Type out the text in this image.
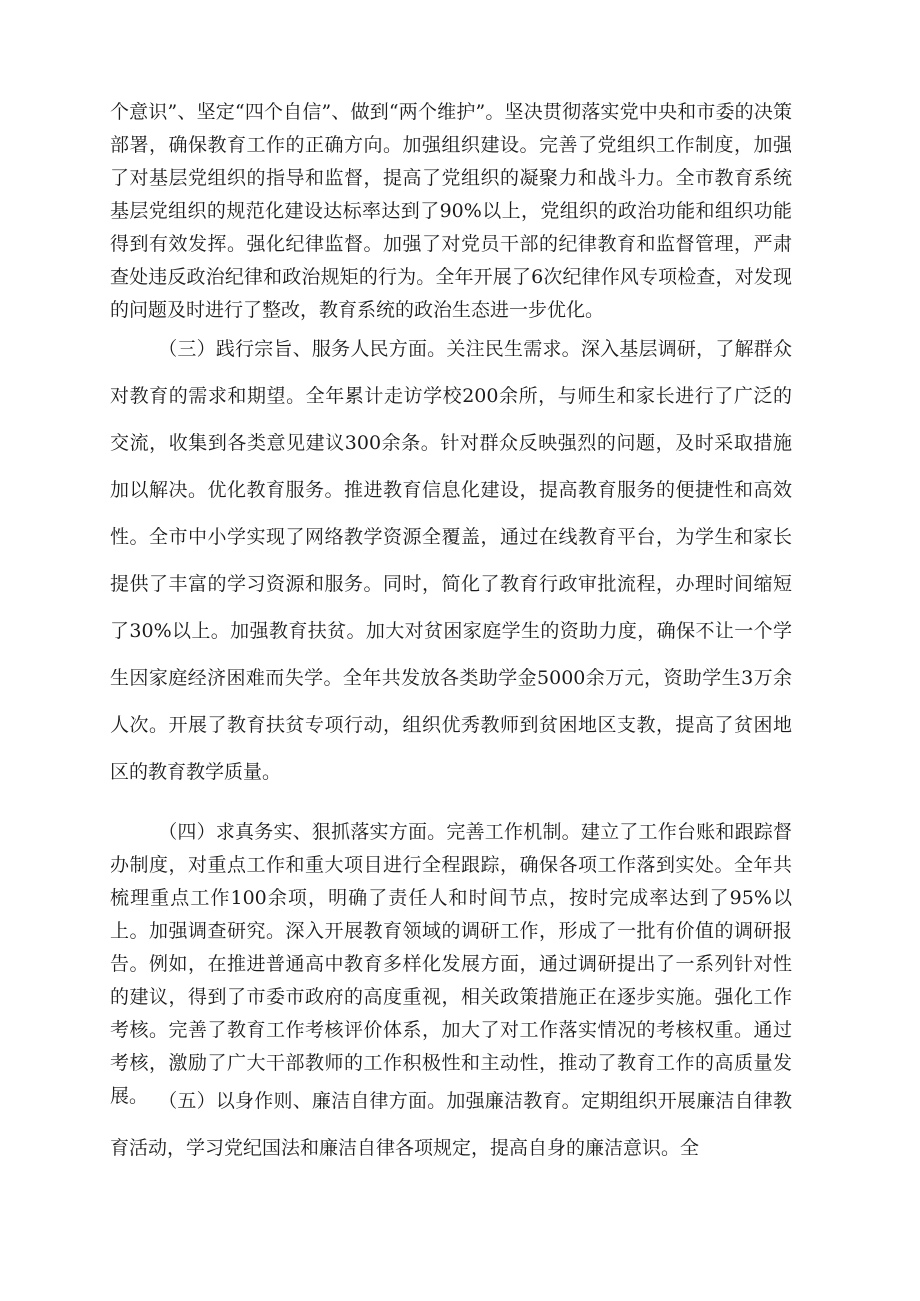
个意识”、坚定“四个自信”、做到“两个维护”。坚决贯彻落实党中央和市委的决策部署，确保教育工作的正确方向。加强组织建设。完善了党组织工作制度，加强了对基层党组织的指导和监督，提高了党组织的凝聚力和战斗力。全市教育系统基层党组织的规范化建设达标率达到了90%以上，党组织的政治功能和组织功能得到有效发挥。强化纪律监督。加强了对党员干部的纪律教育和监督管理，严肃查处违反政治纪律和政治规矩的行为。全年开展了6次纪律作风专项检查，对发现的问题及时进行了整改，教育系统的政治生态进一步优化。

（三）践行宗旨、服务人民方面。关注民生需求。深入基层调研，了解群众对教育的需求和期望。全年累计走访学校200余所，与师生和家长进行了广泛的交流，收集到各类意见建议300余条。针对群众反映强烈的问题，及时采取措施加以解决。优化教育服务。推进教育信息化建设，提高教育服务的便捷性和高效性。全市中小学实现了网络教学资源全覆盖，通过在线教育平台，为学生和家长提供了丰富的学习资源和服务。同时，简化了教育行政审批流程，办理时间缩短了30%以上。加强教育扶贫。加大对贫困家庭学生的资助力度，确保不让一个学生因家庭经济困难而失学。全年共发放各类助学金5000余万元，资助学生3万余人次。开展了教育扶贫专项行动，组织优秀教师到贫困地区支教，提高了贫困地区的教育教学质量。

（四）求真务实、狠抓落实方面。完善工作机制。建立了工作台账和跟踪督办制度，对重点工作和重大项目进行全程跟踪，确保各项工作落到实处。全年共梳理重点工作100余项，明确了责任人和时间节点，按时完成率达到了95%以上。加强调查研究。深入开展教育领域的调研工作，形成了一批有价值的调研报告。例如，在推进普通高中教育多样化发展方面，通过调研提出了一系列针对性的建议，得到了市委市政府的高度重视，相关政策措施正在逐步实施。强化工作考核。完善了教育工作考核评价体系，加大了对工作落实情况的考核权重。通过考核，激励了广大干部教师的工作积极性和主动性，推动了教育工作的高质量发展。 （五）以身作则、廉洁自律方面。加强廉洁教育。定期组织开展廉洁自律教育活动，学习党纪国法和廉洁自律各项规定，提高自身的廉洁意识。全
